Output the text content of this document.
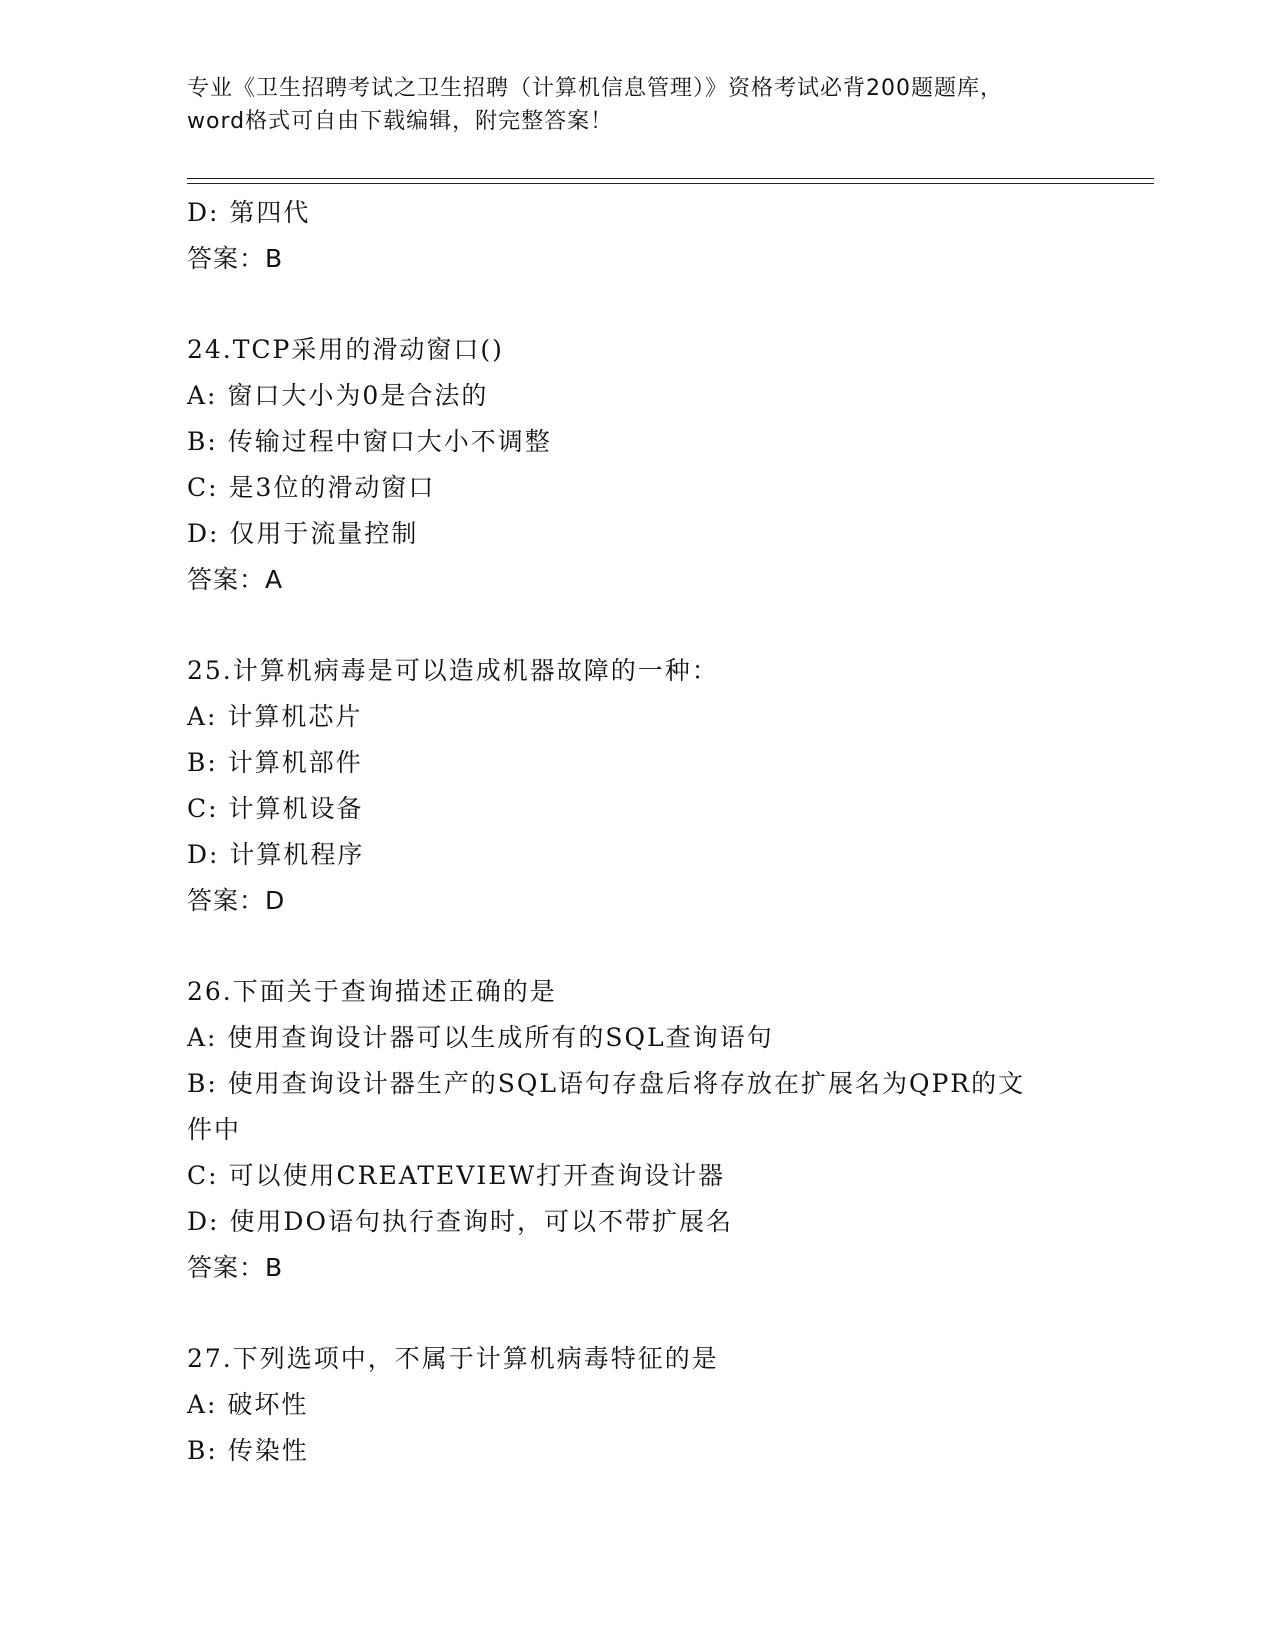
专业《卫生招聘考试之卫生招聘（计算机信息管理）》资格考试必背200题题库，
word格式可自由下载编辑，附完整答案！
D: 第四代
答案：B
24.TCP采用的滑动窗口()
A: 窗口大小为0是合法的
B: 传输过程中窗口大小不调整
C: 是3位的滑动窗口
D: 仅用于流量控制
答案：A
25.计算机病毒是可以造成机器故障的一种：
A: 计算机芯片
B: 计算机部件
C: 计算机设备
D: 计算机程序
答案：D
26.下面关于查询描述正确的是
A: 使用查询设计器可以生成所有的SQL查询语句
B: 使用查询设计器生产的SQL语句存盘后将存放在扩展名为QPR的文
件中
C: 可以使用CREATEVIEW打开查询设计器
D: 使用DO语句执行查询时，可以不带扩展名
答案：B
27.下列选项中，不属于计算机病毒特征的是
A: 破坏性
B: 传染性
